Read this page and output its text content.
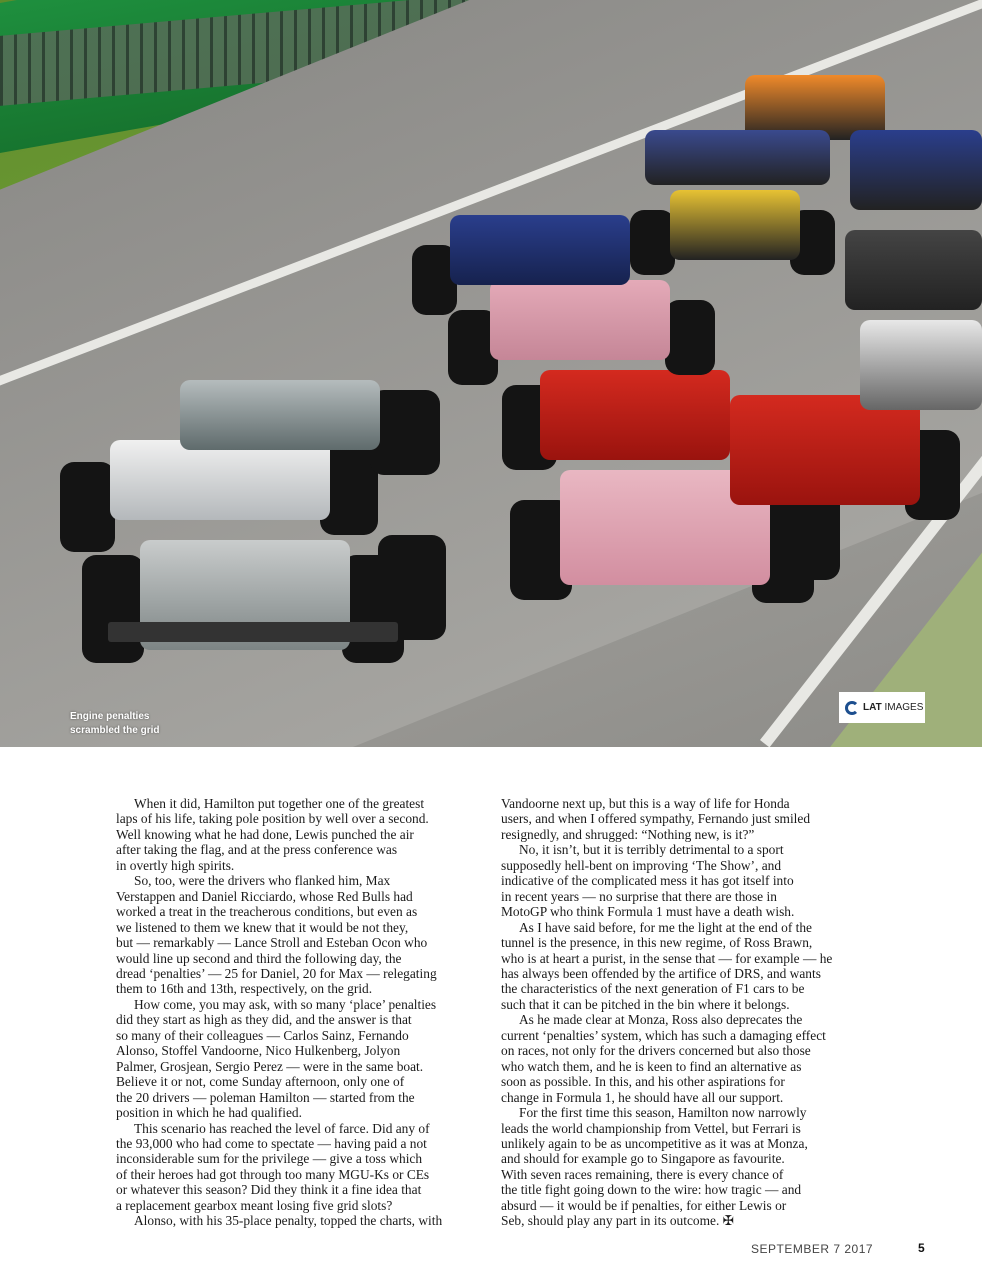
Engine penalties
scrambled the grid
LAT IMAGES
When it did, Hamilton put together one of the greatest
laps of his life, taking pole position by well over a second.
Well knowing what he had done, Lewis punched the air
after taking the flag, and at the press conference was
in overtly high spirits.
So, too, were the drivers who flanked him, Max
Verstappen and Daniel Ricciardo, whose Red Bulls had
worked a treat in the treacherous conditions, but even as
we listened to them we knew that it would be not they,
but — remarkably — Lance Stroll and Esteban Ocon who
would line up second and third the following day, the
dread ‘penalties’ — 25 for Daniel, 20 for Max — relegating
them to 16th and 13th, respectively, on the grid.
How come, you may ask, with so many ‘place’ penalties
did they start as high as they did, and the answer is that
so many of their colleagues — Carlos Sainz, Fernando
Alonso, Stoffel Vandoorne, Nico Hulkenberg, Jolyon
Palmer, Grosjean, Sergio Perez — were in the same boat.
Believe it or not, come Sunday afternoon, only one of
the 20 drivers — poleman Hamilton — started from the
position in which he had qualified.
This scenario has reached the level of farce. Did any of
the 93,000 who had come to spectate — having paid a not
inconsiderable sum for the privilege — give a toss which
of their heroes had got through too many MGU-Ks or CEs
or whatever this season? Did they think it a fine idea that
a replacement gearbox meant losing five grid slots?
Alonso, with his 35-place penalty, topped the charts, with
Vandoorne next up, but this is a way of life for Honda
users, and when I offered sympathy, Fernando just smiled
resignedly, and shrugged: “Nothing new, is it?”
No, it isn’t, but it is terribly detrimental to a sport
supposedly hell-bent on improving ‘The Show’, and
indicative of the complicated mess it has got itself into
in recent years — no surprise that there are those in
MotoGP who think Formula 1 must have a death wish.
As I have said before, for me the light at the end of the
tunnel is the presence, in this new regime, of Ross Brawn,
who is at heart a purist, in the sense that — for example — he
has always been offended by the artifice of DRS, and wants
the characteristics of the next generation of F1 cars to be
such that it can be pitched in the bin where it belongs.
As he made clear at Monza, Ross also deprecates the
current ‘penalties’ system, which has such a damaging effect
on races, not only for the drivers concerned but also those
who watch them, and he is keen to find an alternative as
soon as possible. In this, and his other aspirations for
change in Formula 1, he should have all our support.
For the first time this season, Hamilton now narrowly
leads the world championship from Vettel, but Ferrari is
unlikely again to be as uncompetitive as it was at Monza,
and should for example go to Singapore as favourite.
With seven races remaining, there is every chance of
the title fight going down to the wire: how tragic — and
absurd — it would be if penalties, for either Lewis or
Seb, should play any part in its outcome. ✠
SEPTEMBER 7 2017	5
